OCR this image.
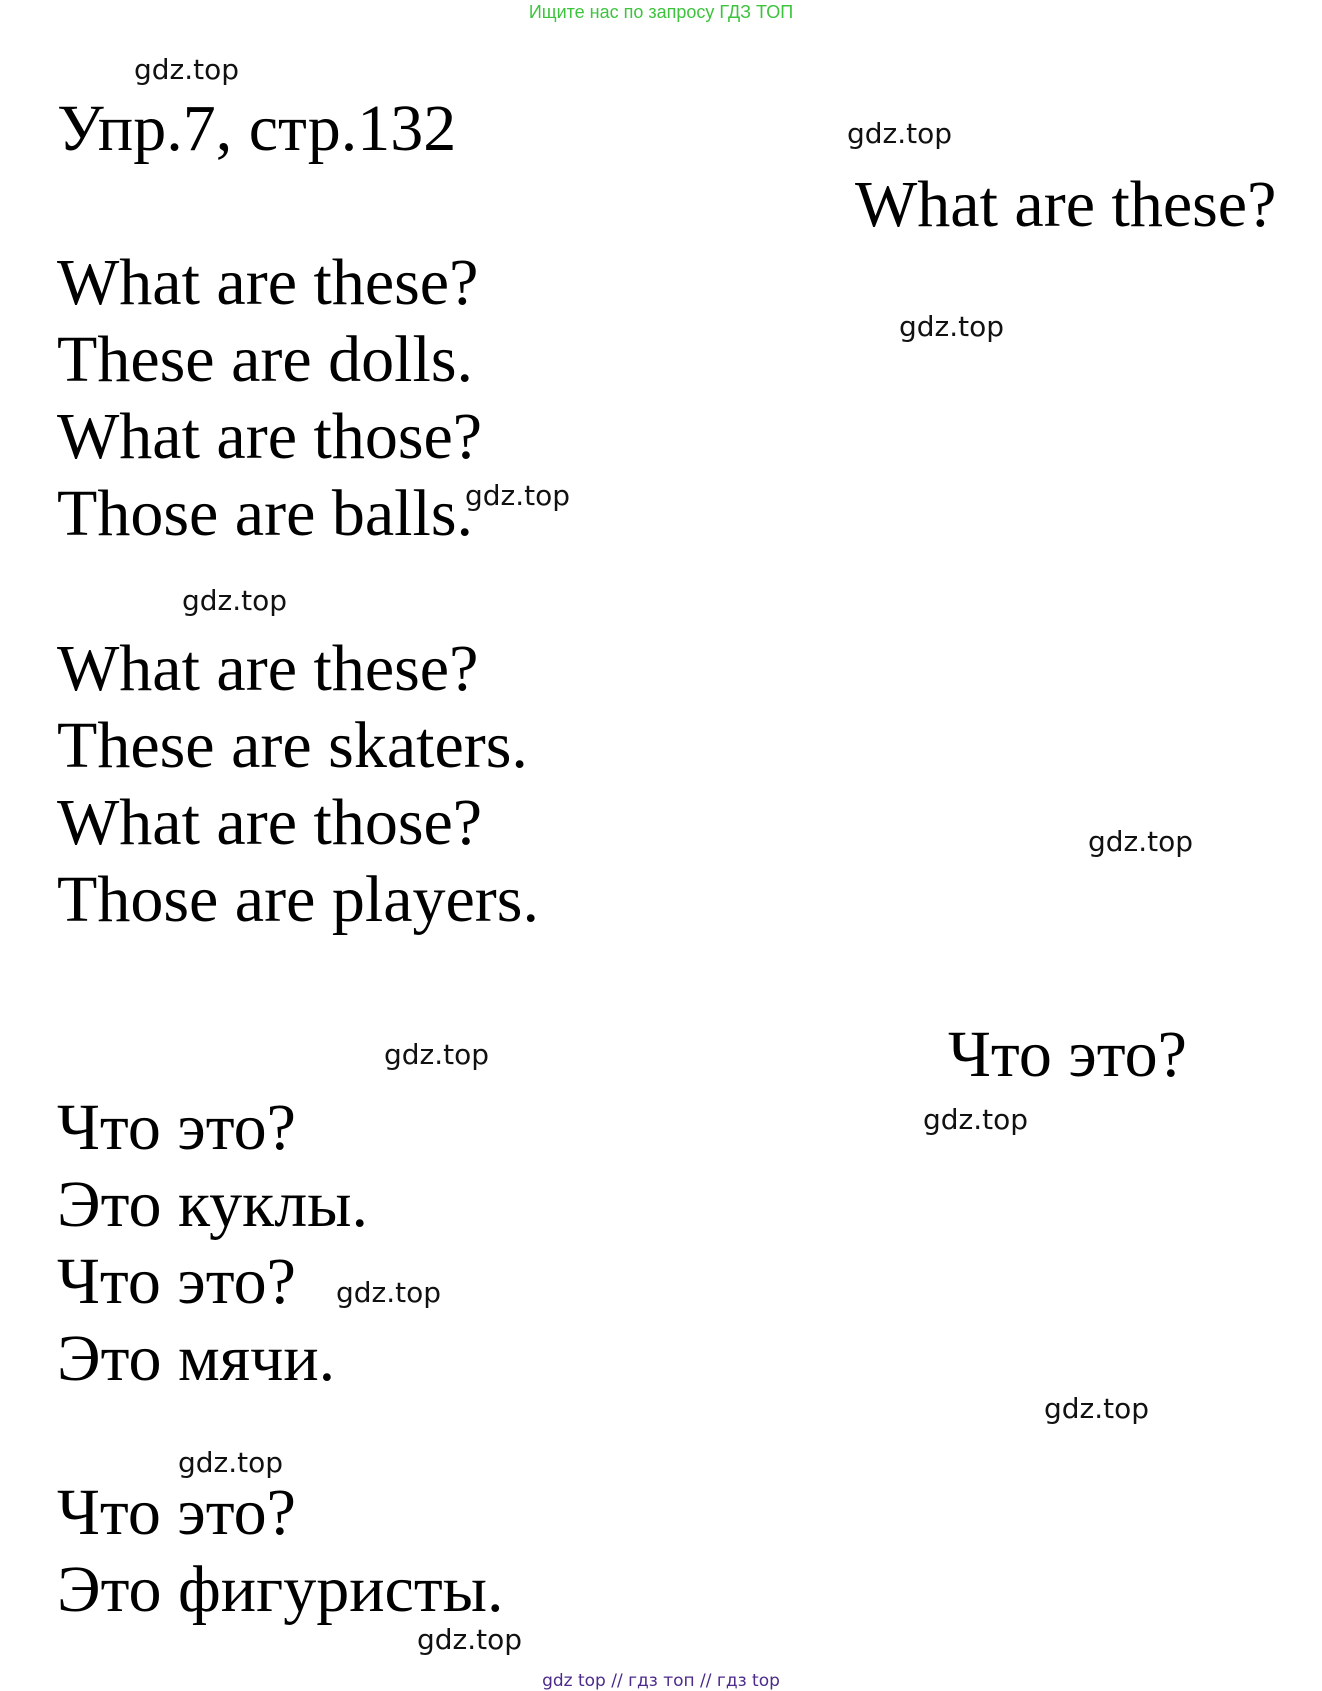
Ищите нас по запросу ГДЗ ТОП
Упр.7, стр.132
What are these?
These are dolls.
What are those?
Those are balls.
What are these?
These are skaters.
What are those?
Those are players.
What are these?
Что это?
Что это?
Это куклы.
Что это?
Это мячи.
Что это?
Это фигуристы.
gdz.top
gdz.top
gdz.top
gdz.top
gdz.top
gdz.top
gdz.top
gdz.top
gdz.top
gdz.top
gdz.top
gdz.top
gdz top // гдз топ // гдз top
